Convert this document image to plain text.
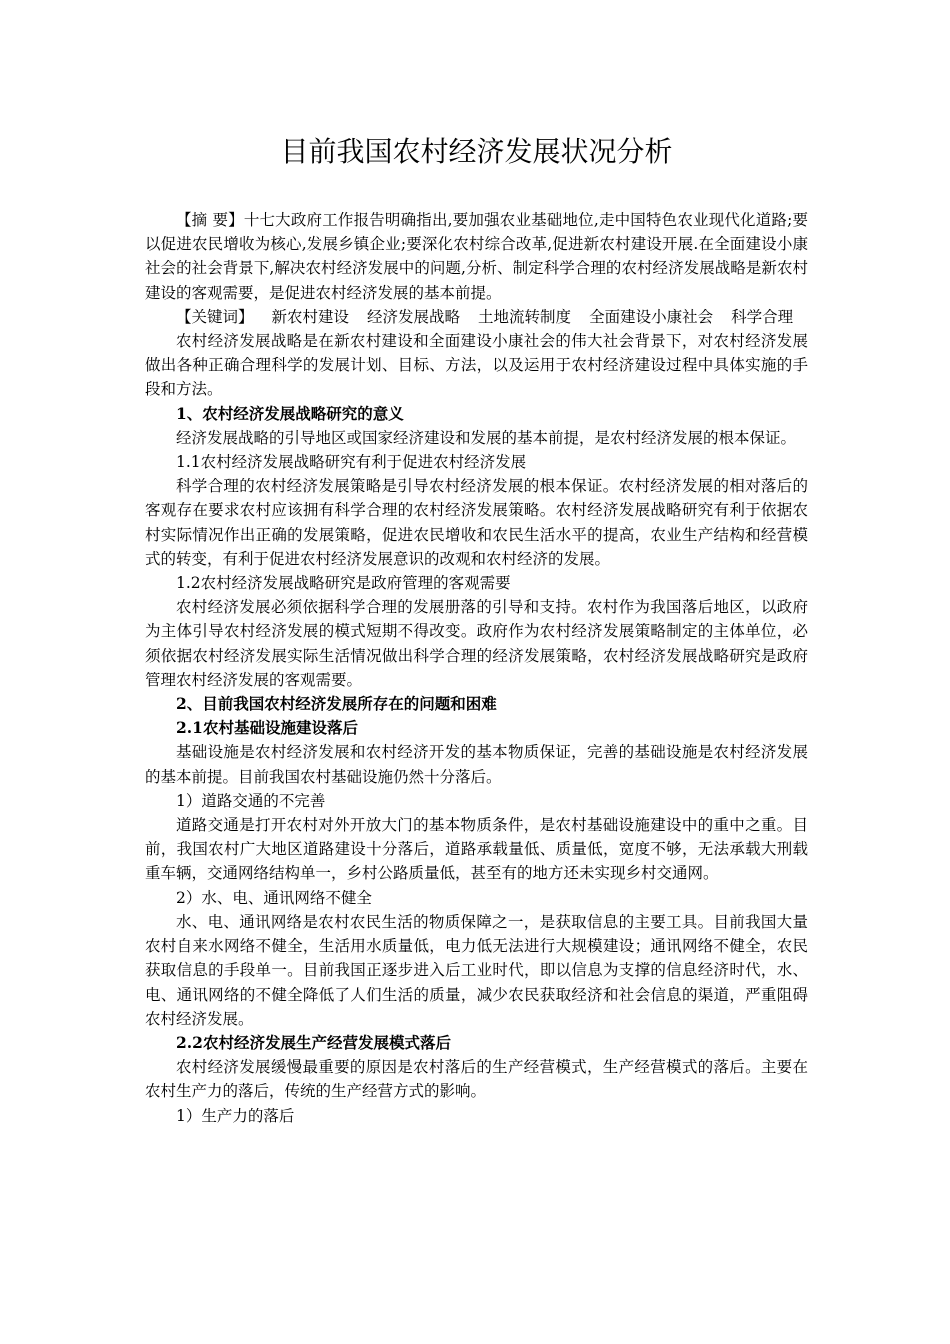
目前我国农村经济发展状况分析

【摘 要】十七大政府工作报告明确指出,要加强农业基础地位,走中国特色农业现代化道路;要以促进农民增收为核心,发展乡镇企业;要深化农村综合改革,促进新农村建设开展.在全面建设小康社会的社会背景下,解决农村经济发展中的问题,分析、制定科学合理的农村经济发展战略是新农村建设的客观需要，是促进农村经济发展的基本前提。

【关键词】 新农村建设 经济发展战略 土地流转制度 全面建设小康社会 科学合理

农村经济发展战略是在新农村建设和全面建设小康社会的伟大社会背景下，对农村经济发展做出各种正确合理科学的发展计划、目标、方法，以及运用于农村经济建设过程中具体实施的手段和方法。

1、农村经济发展战略研究的意义

经济发展战略的引导地区或国家经济建设和发展的基本前提，是农村经济发展的根本保证。

1.1农村经济发展战略研究有利于促进农村经济发展

科学合理的农村经济发展策略是引导农村经济发展的根本保证。农村经济发展的相对落后的客观存在要求农村应该拥有科学合理的农村经济发展策略。农村经济发展战略研究有利于依据农村实际情况作出正确的发展策略，促进农民增收和农民生活水平的提高，农业生产结构和经营模式的转变，有利于促进农村经济发展意识的改观和农村经济的发展。

1.2农村经济发展战略研究是政府管理的客观需要

农村经济发展必须依据科学合理的发展册落的引导和支持。农村作为我国落后地区，以政府为主体引导农村经济发展的模式短期不得改变。政府作为农村经济发展策略制定的主体单位，必须依据农村经济发展实际生活情况做出科学合理的经济发展策略，农村经济发展战略研究是政府管理农村经济发展的客观需要。

2、目前我国农村经济发展所存在的问题和困难

2.1农村基础设施建设落后

基础设施是农村经济发展和农村经济开发的基本物质保证，完善的基础设施是农村经济发展的基本前提。目前我国农村基础设施仍然十分落后。

1）道路交通的不完善

道路交通是打开农村对外开放大门的基本物质条件，是农村基础设施建设中的重中之重。目前，我国农村广大地区道路建设十分落后，道路承载量低、质量低，宽度不够，无法承载大刑载重车辆，交通网络结构单一，乡村公路质量低，甚至有的地方还未实现乡村交通网。

2）水、电、通讯网络不健全

水、电、通讯网络是农村农民生活的物质保障之一，是获取信息的主要工具。目前我国大量农村自来水网络不健全，生活用水质量低，电力低无法进行大规模建设；通讯网络不健全，农民获取信息的手段单一。目前我国正逐步进入后工业时代，即以信息为支撑的信息经济时代，水、电、通讯网络的不健全降低了人们生活的质量，减少农民获取经济和社会信息的渠道，严重阻碍农村经济发展。

2.2农村经济发展生产经营发展模式落后

农村经济发展缓慢最重要的原因是农村落后的生产经营模式，生产经营模式的落后。主要在农村生产力的落后，传统的生产经营方式的影响。

1）生产力的落后
